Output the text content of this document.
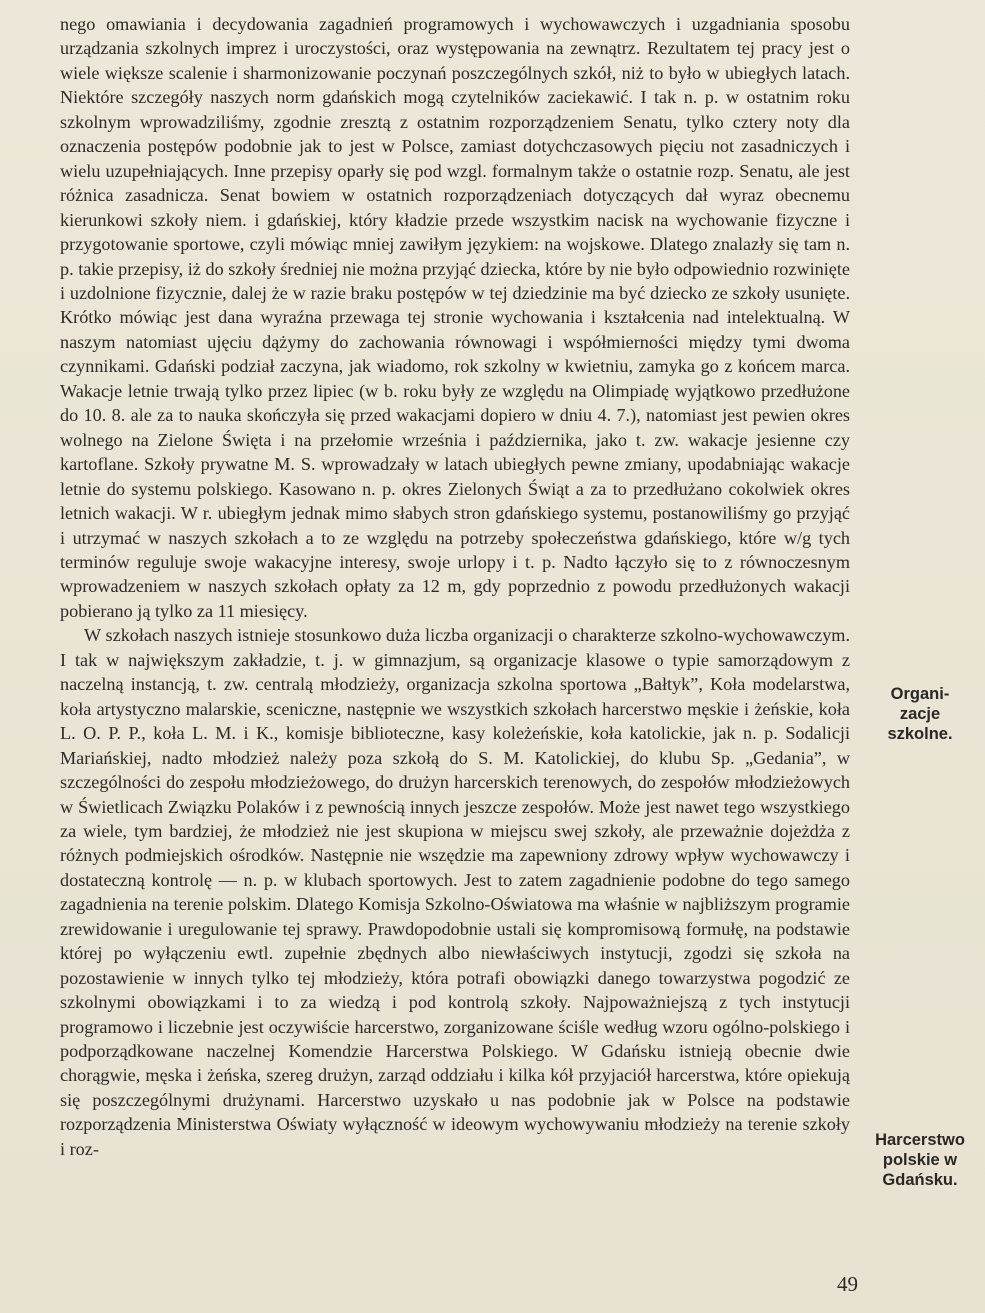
nego omawiania i decydowania zagadnień programowych i wychowawczych i uzgadniania sposobu urządzania szkolnych imprez i uroczystości, oraz występowania na zewnątrz. Rezultatem tej pracy jest o wiele większe scalenie i sharmonizowanie poczynań poszczególnych szkół, niż to było w ubiegłych latach. Niektóre szczegóły naszych norm gdańskich mogą czytelników zaciekawić. I tak n. p. w ostatnim roku szkolnym wprowadziliśmy, zgodnie zresztą z ostatnim rozporządzeniem Senatu, tylko cztery noty dla oznaczenia postępów podobnie jak to jest w Polsce, zamiast dotychczasowych pięciu not zasadniczych i wielu uzupełniających. Inne przepisy oparły się pod wzgl. formalnym także o ostatnie rozp. Senatu, ale jest różnica zasadnicza. Senat bowiem w ostatnich rozporządzeniach dotyczących dał wyraz obecnemu kierunkowi szkoły niem. i gdańskiej, który kładzie przede wszystkim nacisk na wychowanie fizyczne i przygotowanie sportowe, czyli mówiąc mniej zawiłym językiem: na wojskowe. Dlatego znalazły się tam n. p. takie przepisy, iż do szkoły średniej nie można przyjąć dziecka, które by nie było odpowiednio rozwinięte i uzdolnione fizycznie, dalej że w razie braku postępów w tej dziedzinie ma być dziecko ze szkoły usunięte. Krótko mówiąc jest dana wyraźna przewaga tej stronie wychowania i kształcenia nad intelektualną. W naszym natomiast ujęciu dążymy do zachowania równowagi i współmierności między tymi dwoma czynnikami. Gdański podział zaczyna, jak wiadomo, rok szkolny w kwietniu, zamyka go z końcem marca. Wakacje letnie trwają tylko przez lipiec (w b. roku były ze względu na Olimpiadę wyjątkowo przedłużone do 10. 8. ale za to nauka skończyła się przed wakacjami dopiero w dniu 4. 7.), natomiast jest pewien okres wolnego na Zielone Święta i na przełomie września i października, jako t. zw. wakacje jesienne czy kartoflane. Szkoły prywatne M. S. wprowadzały w latach ubiegłych pewne zmiany, upodabniając wakacje letnie do systemu polskiego. Kasowano n. p. okres Zielonych Świąt a za to przedłużano cokolwiek okres letnich wakacji. W r. ubiegłym jednak mimo słabych stron gdańskiego systemu, postanowiliśmy go przyjąć i utrzymać w naszych szkołach a to ze względu na potrzeby społeczeństwa gdańskiego, które w/g tych terminów reguluje swoje wakacyjne interesy, swoje urlopy i t. p. Nadto łączyło się to z równoczesnym wprowadzeniem w naszych szkołach opłaty za 12 m, gdy poprzednio z powodu przedłużonych wakacji pobierano ją tylko za 11 miesięcy.

W szkołach naszych istnieje stosunkowo duża liczba organizacji o charakterze szkolno-wychowawczym. I tak w największym zakładzie, t. j. w gimnazjum, są organizacje klasowe o typie samorządowym z naczelną instancją, t. zw. centralą młodzieży, organizacja szkolna sportowa „Bałtyk”, Koła modelarstwa, koła artystyczno malarskie, sceniczne, następnie we wszystkich szkołach harcerstwo męskie i żeńskie, koła L. O. P. P., koła L. M. i K., komisje biblioteczne, kasy koleżeńskie, koła katolickie, jak n. p. Sodalicji Mariańskiej, nadto młodzież należy poza szkołą do S. M. Katolickiej, do klubu Sp. „Gedania”, w szczególności do zespołu młodzieżowego, do drużyn harcerskich terenowych, do zespołów młodzieżowych w Świetlicach Związku Polaków i z pewnością innych jeszcze zespołów. Może jest nawet tego wszystkiego za wiele, tym bardziej, że młodzież nie jest skupiona w miejscu swej szkoły, ale przeważnie dojeżdża z różnych podmiejskich ośrodków. Następnie nie wszędzie ma zapewniony zdrowy wpływ wychowawczy i dostateczną kontrolę — n. p. w klubach sportowych. Jest to zatem zagadnienie podobne do tego samego zagadnienia na terenie polskim. Dlatego Komisja Szkolno-Oświatowa ma właśnie w najbliższym programie zrewidowanie i uregulowanie tej sprawy. Prawdopodobnie ustali się kompromisową formułę, na podstawie której po wyłączeniu ewtl. zupełnie zbędnych albo niewłaściwych instytucji, zgodzi się szkoła na pozostawienie w innych tylko tej młodzieży, która potrafi obowiązki danego towarzystwa pogodzić ze szkolnymi obowiązkami i to za wiedzą i pod kontrolą szkoły. Najpoważniejszą z tych instytucji programowo i liczebnie jest oczywiście harcerstwo, zorganizowane ściśle według wzoru ogólno-polskiego i podporządkowane naczelnej Komendzie Harcerstwa Polskiego. W Gdańsku istnieją obecnie dwie chorągwie, męska i żeńska, szereg drużyn, zarząd oddziału i kilka kół przyjaciół harcerstwa, które opiekują się poszczególnymi drużynami. Harcerstwo uzyskało u nas podobnie jak w Polsce na podstawie rozporządzenia Ministerstwa Oświaty wyłączność w ideowym wychowywaniu młodzieży na terenie szkoły i roz-

Organi-
zacje
szkolne.
Harcerstwo
polskie w
Gdańsku.
49
